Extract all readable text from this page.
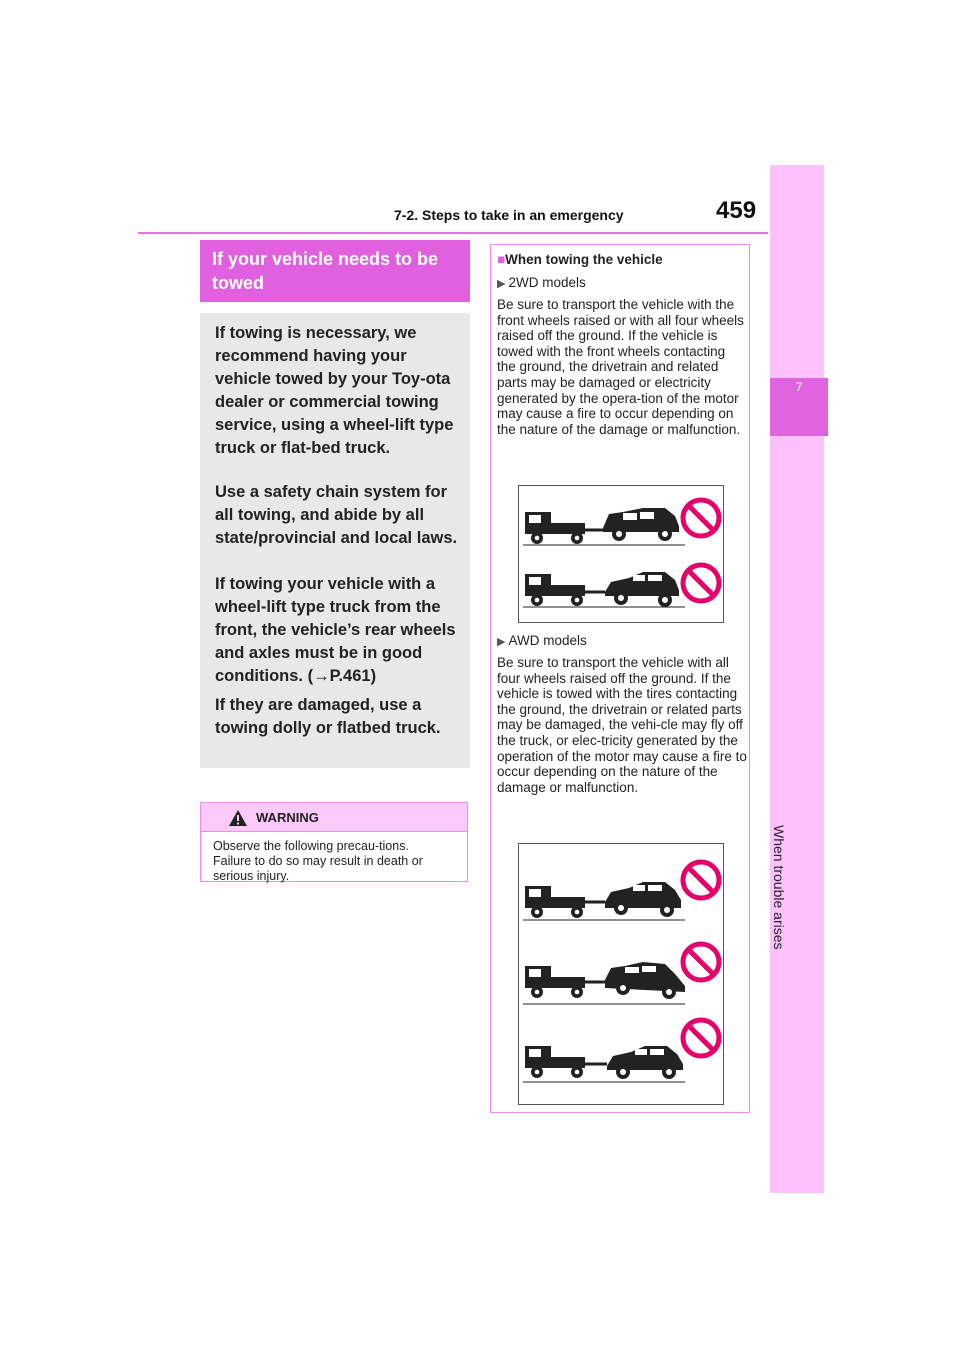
7-2. Steps to take in an emergency	459
7
When trouble arises
If your vehicle needs to be towed

If towing is necessary, we recommend having your vehicle towed by your Toy-ota dealer or commercial towing service, using a wheel-lift type truck or flat-bed truck.

Use a safety chain system for all towing, and abide by all state/provincial and local laws.

If towing your vehicle with a wheel-lift type truck from the front, the vehicle’s rear wheels and axles must be in good conditions. (→P.461)

If they are damaged, use a towing dolly or flatbed truck.

WARNING
Observe the following precau-tions.
Failure to do so may result in death or serious injury.
■When towing the vehicle
▶ 2WD models

Be sure to transport the vehicle with the front wheels raised or with all four wheels raised off the ground. If the vehicle is towed with the front wheels contacting the ground, the drivetrain and related parts may be damaged or electricity generated by the opera-tion of the motor may cause a fire to occur depending on the nature of the damage or malfunction.

▶ AWD models

Be sure to transport the vehicle with all four wheels raised off the ground. If the vehicle is towed with the tires contacting the ground, the drivetrain or related parts may be damaged, the vehi-cle may fly off the truck, or elec-tricity generated by the operation of the motor may cause a fire to occur depending on the nature of the damage or malfunction.
